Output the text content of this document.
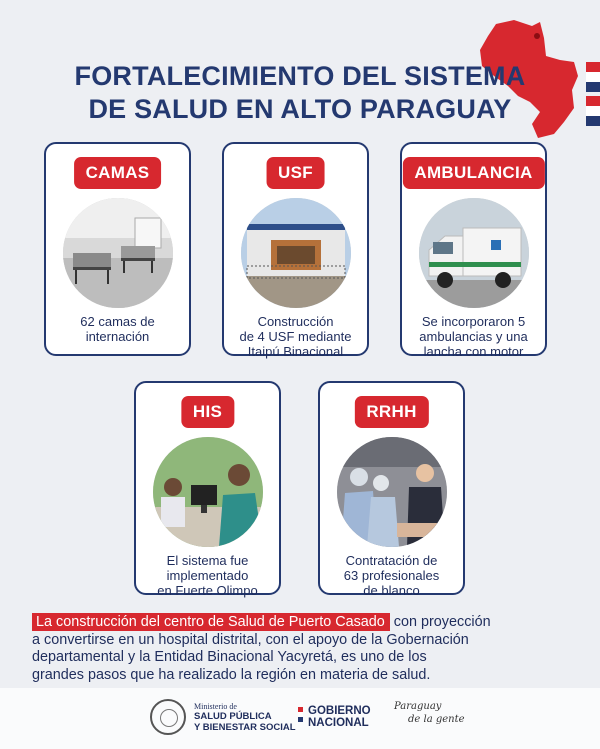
FORTALECIMIENTO DEL SISTEMA
DE SALUD EN ALTO PARAGUAY
CAMAS
62 camas de
internación
USF
Construcción
de 4 USF mediante
Itaipú Binacional
AMBULANCIA
Se incorporaron 5
ambulancias y una
lancha con motor
HIS
El sistema fue
implementado
en Fuerte Olimpo
RRHH
Contratación de
63 profesionales
de blanco
La construcción del centro de Salud de Puerto Casado con proyección
a convertirse en un hospital distrital, con el apoyo de la Gobernación
departamental y la Entidad Binacional Yacyretá, es uno de los
grandes pasos que ha realizado la región en materia de salud.
Ministerio de
SALUD PÚBLICA
Y BIENESTAR SOCIAL
GOBIERNO
NACIONAL
Paraguay
de la gente
